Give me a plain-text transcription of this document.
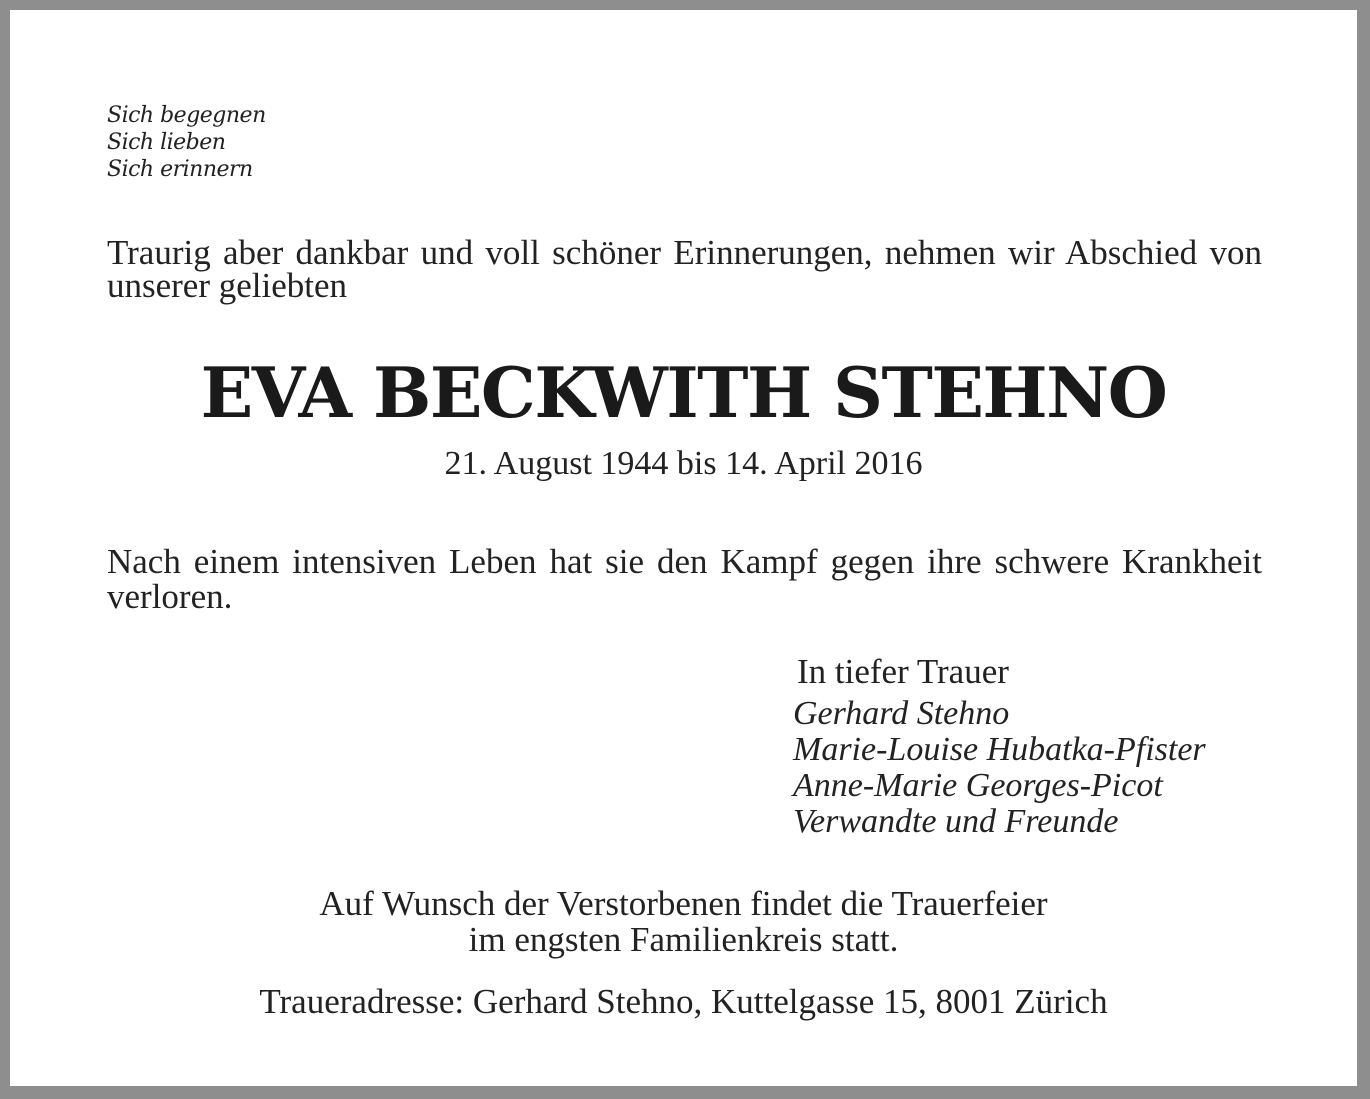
Sich begegnen
Sich lieben
Sich erinnern
Traurig aber dankbar und voll schöner Erinnerungen, nehmen wir Abschied von unserer geliebten
EVA BECKWITH STEHNO
21. August 1944 bis 14. April 2016
Nach einem intensiven Leben hat sie den Kampf gegen ihre schwere Krankheit verloren.
In tiefer Trauer
Gerhard Stehno
Marie-Louise Hubatka-Pfister
Anne-Marie Georges-Picot
Verwandte und Freunde
Auf Wunsch der Verstorbenen findet die Trauerfeier
im engsten Familienkreis statt.
Traueradresse: Gerhard Stehno, Kuttelgasse 15, 8001 Zürich
